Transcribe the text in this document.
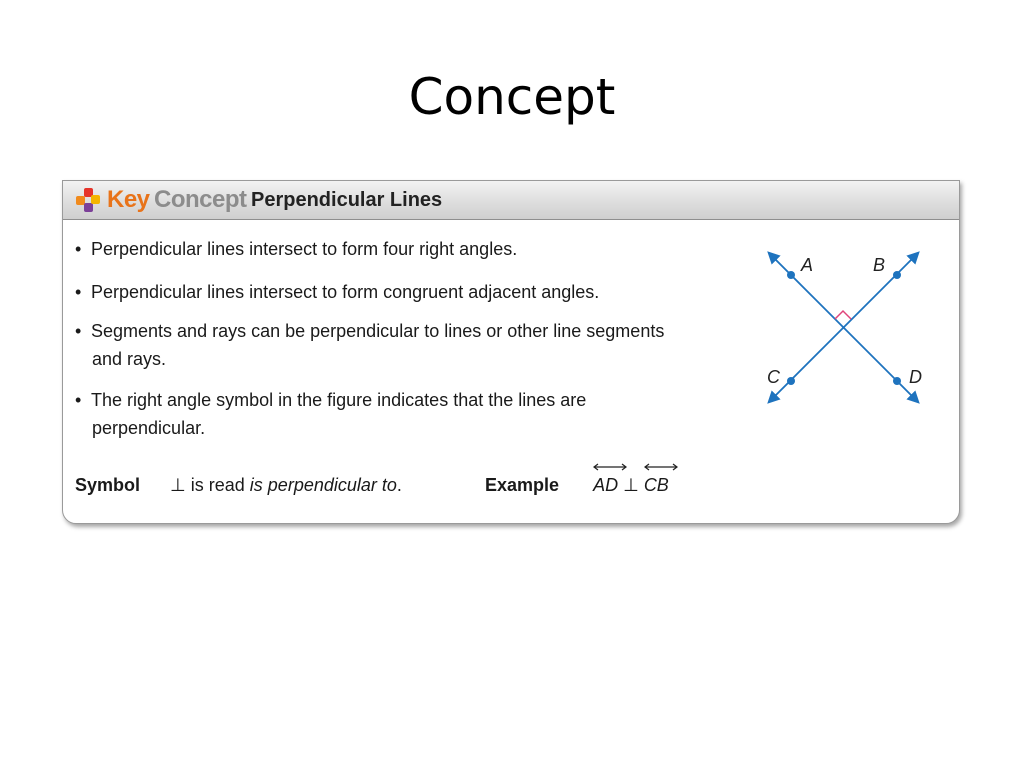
Concept
Key Concept Perpendicular Lines
• Perpendicular lines intersect to form four right angles.
• Perpendicular lines intersect to form congruent adjacent angles.
• Segments and rays can be perpendicular to lines or other line segments
and rays.
• The right angle symbol in the figure indicates that the lines are
perpendicular.
Symbol ⊥ is read is perpendicular to.	Example AD ⊥ CB
A	B
C	D
